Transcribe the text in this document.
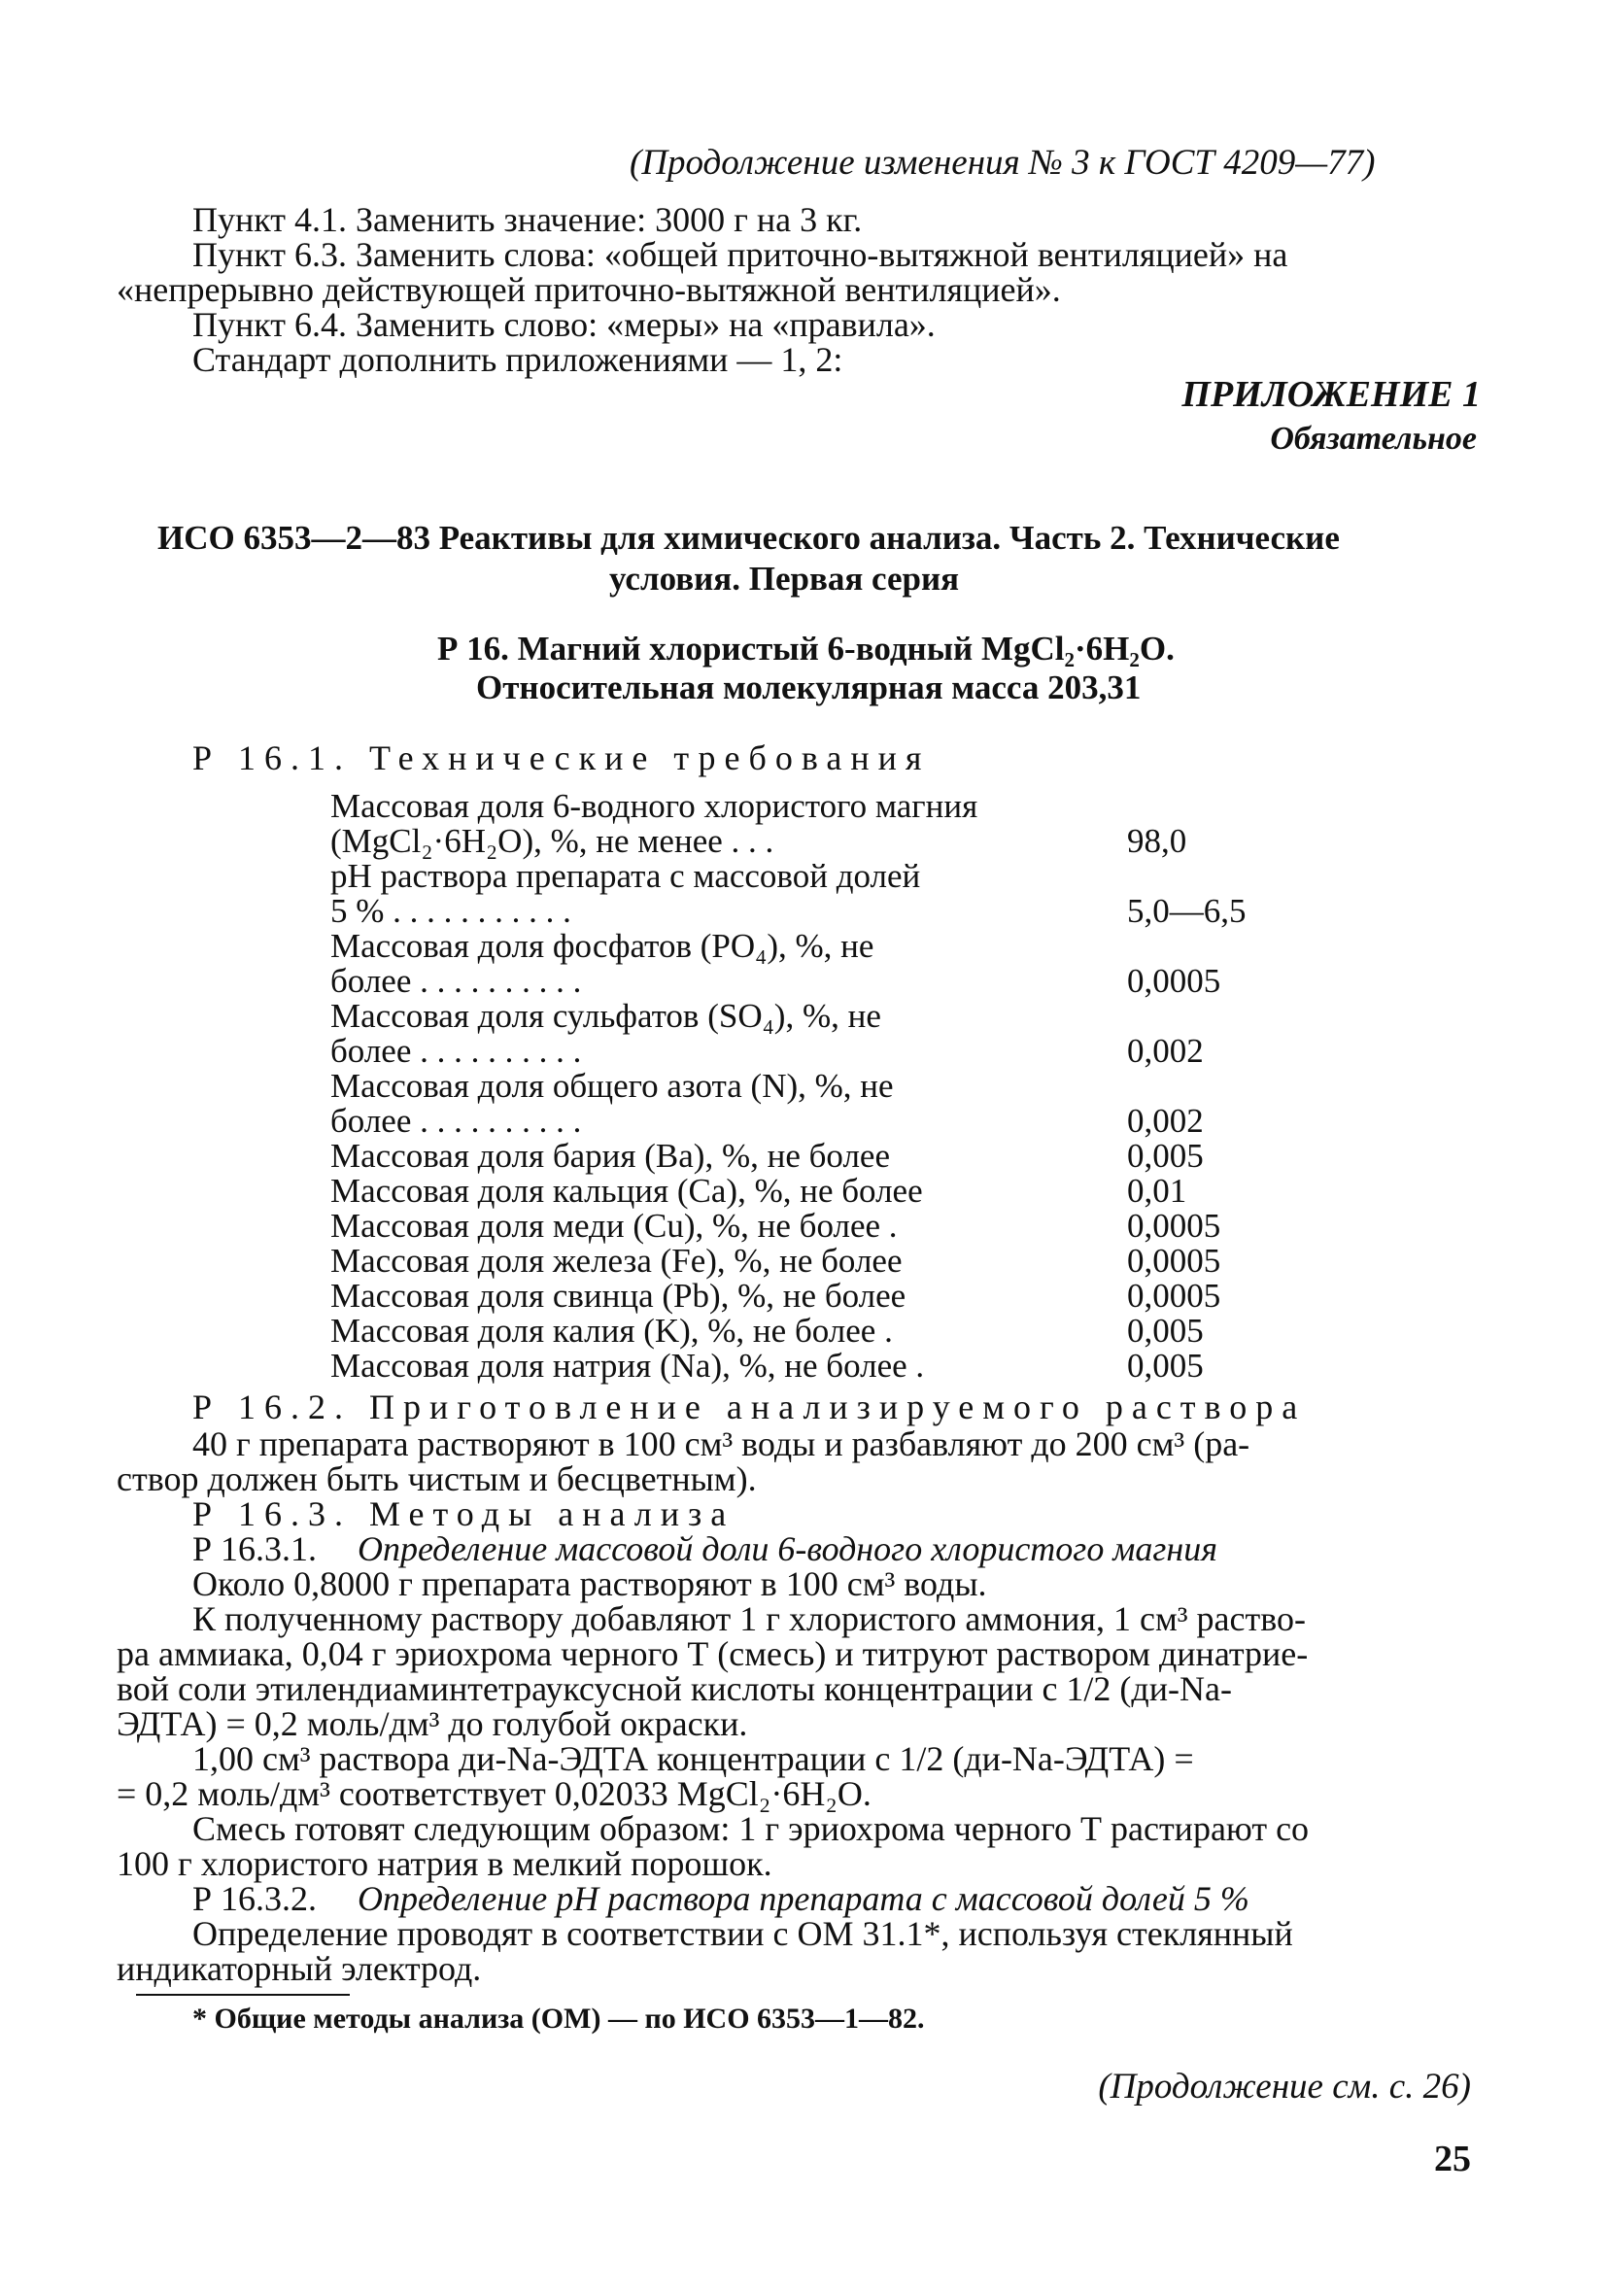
(Продолжение изменения № 3 к ГОСТ 4209—77)
Пункт 4.1. Заменить значение: 3000 г на 3 кг.
Пункт 6.3. Заменить слова: «общей приточно-вытяжной вентиляцией» на
«непрерывно действующей приточно-вытяжной вентиляцией».
Пункт 6.4. Заменить слово: «меры» на «правила».
Стандарт дополнить приложениями — 1, 2:
ПРИЛОЖЕНИЕ 1
Обязательное
ИСО 6353—2—83 Реактивы для химического анализа. Часть 2. Технические
условия. Первая серия
Р 16. Магний хлористый 6-водный MgCl₂·6H₂O.
Относительная молекулярная масса 203,31
Р 16.1. Технические требования
Массовая доля 6-водного хлористого магния
(MgCl₂·6H₂O), %, не менее . . .	98,0
pH раствора препарата с массовой долей
5 % . . . . . . . . . . .	5,0—6,5
Массовая доля фосфатов (PO₄), %, не
более . . . . . . . . . .	0,0005
Массовая доля сульфатов (SO₄), %, не
более . . . . . . . . . .	0,002
Массовая доля общего азота (N), %, не
более . . . . . . . . . .	0,002
Массовая доля бария (Ba), %, не более	0,005
Массовая доля кальция (Ca), %, не более	0,01
Массовая доля меди (Cu), %, не более .	0,0005
Массовая доля железа (Fe), %, не более	0,0005
Массовая доля свинца (Pb), %, не более	0,0005
Массовая доля калия (K), %, не более .	0,005
Массовая доля натрия (Na), %, не более .	0,005
Р 16.2. Приготовление анализируемого раствора
40 г препарата растворяют в 100 см³ воды и разбавляют до 200 см³ (ра-
створ должен быть чистым и бесцветным).
Р 16.3. Методы анализа
Р 16.3.1. Определение массовой доли 6-водного хлористого магния
Около 0,8000 г препарата растворяют в 100 см³ воды.
К полученному раствору добавляют 1 г хлористого аммония, 1 см³ раство-
ра аммиака, 0,04 г эриохрома черного Т (смесь) и титруют раствором динатрие-
вой соли этилендиаминтетрауксусной кислоты концентрации с 1/2 (ди-Na-
ЭДТА) = 0,2 моль/дм³ до голубой окраски.
1,00 см³ раствора ди-Na-ЭДТА концентрации с 1/2 (ди-Na-ЭДТА) =
= 0,2 моль/дм³ соответствует 0,02033 MgCl₂·6H₂O.
Смесь готовят следующим образом: 1 г эриохрома черного Т растирают со
100 г хлористого натрия в мелкий порошок.
Р 16.3.2. Определение pH раствора препарата с массовой долей 5 %
Определение проводят в соответствии с ОМ 31.1*, используя стеклянный
индикаторный электрод.
* Общие методы анализа (ОМ) — по ИСО 6353—1—82.
(Продолжение см. с. 26)
25
